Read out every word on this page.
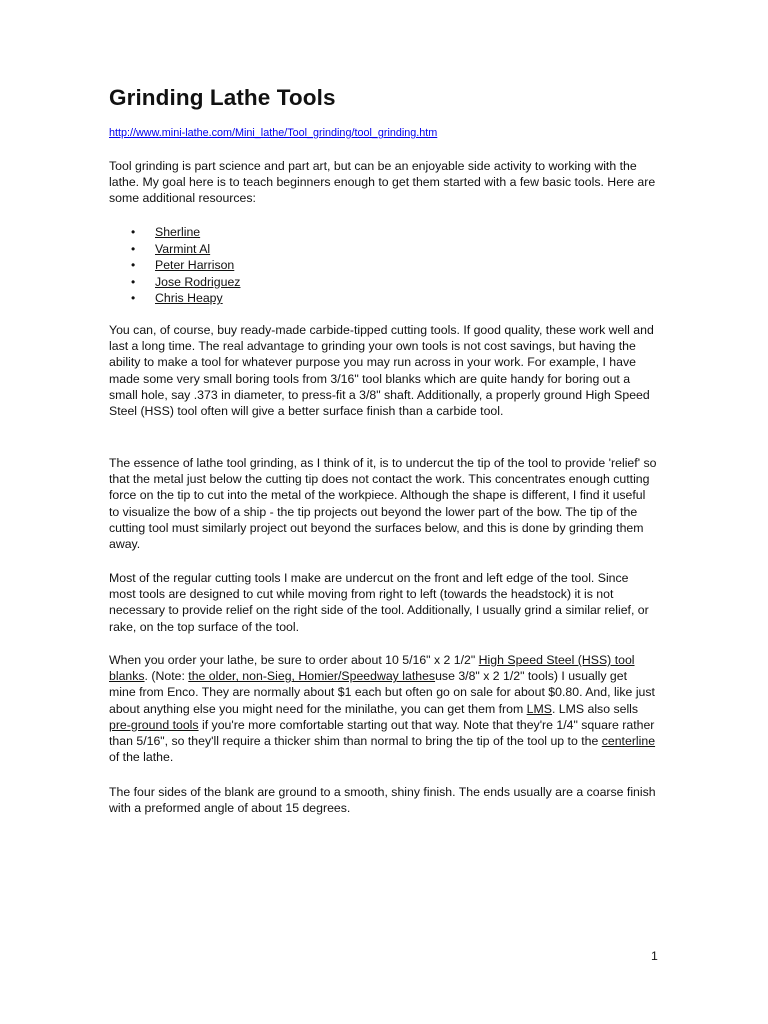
Grinding Lathe Tools
http://www.mini-lathe.com/Mini_lathe/Tool_grinding/tool_grinding.htm

Tool grinding is part science and part art, but can be an enjoyable side activity to working with the lathe. My goal here is to teach beginners enough to get them started with a few basic tools. Here are some additional resources:

• Sherline
• Varmint Al
• Peter Harrison
• Jose Rodriguez
• Chris Heapy

You can, of course, buy ready-made carbide-tipped cutting tools. If good quality, these work well and last a long time. The real advantage to grinding your own tools is not cost savings, but having the ability to make a tool for whatever purpose you may run across in your work. For example, I have made some very small boring tools from 3/16" tool blanks which are quite handy for boring out a small hole, say .373 in diameter, to press-fit a 3/8" shaft. Additionally, a properly ground High Speed Steel (HSS) tool often will give a better surface finish than a carbide tool.

The essence of lathe tool grinding, as I think of it, is to undercut the tip of the tool to provide 'relief' so that the metal just below the cutting tip does not contact the work. This concentrates enough cutting force on the tip to cut into the metal of the workpiece. Although the shape is different, I find it useful to visualize the bow of a ship - the tip projects out beyond the lower part of the bow. The tip of the cutting tool must similarly project out beyond the surfaces below, and this is done by grinding them away.

Most of the regular cutting tools I make are undercut on the front and left edge of the tool. Since most tools are designed to cut while moving from right to left (towards the headstock) it is not necessary to provide relief on the right side of the tool. Additionally, I usually grind a similar relief, or rake, on the top surface of the tool.

When you order your lathe, be sure to order about 10 5/16" x 2 1/2" High Speed Steel (HSS) tool blanks. (Note: the older, non-Sieg, Homier/Speedway lathesuse 3/8" x 2 1/2" tools) I usually get mine from Enco. They are normally about $1 each but often go on sale for about $0.80. And, like just about anything else you might need for the minilathe, you can get them from LMS. LMS also sells pre-ground tools if you're more comfortable starting out that way. Note that they're 1/4" square rather than 5/16", so they'll require a thicker shim than normal to bring the tip of the tool up to the centerline of the lathe.

The four sides of the blank are ground to a smooth, shiny finish. The ends usually are a coarse finish with a preformed angle of about 15 degrees.

1
